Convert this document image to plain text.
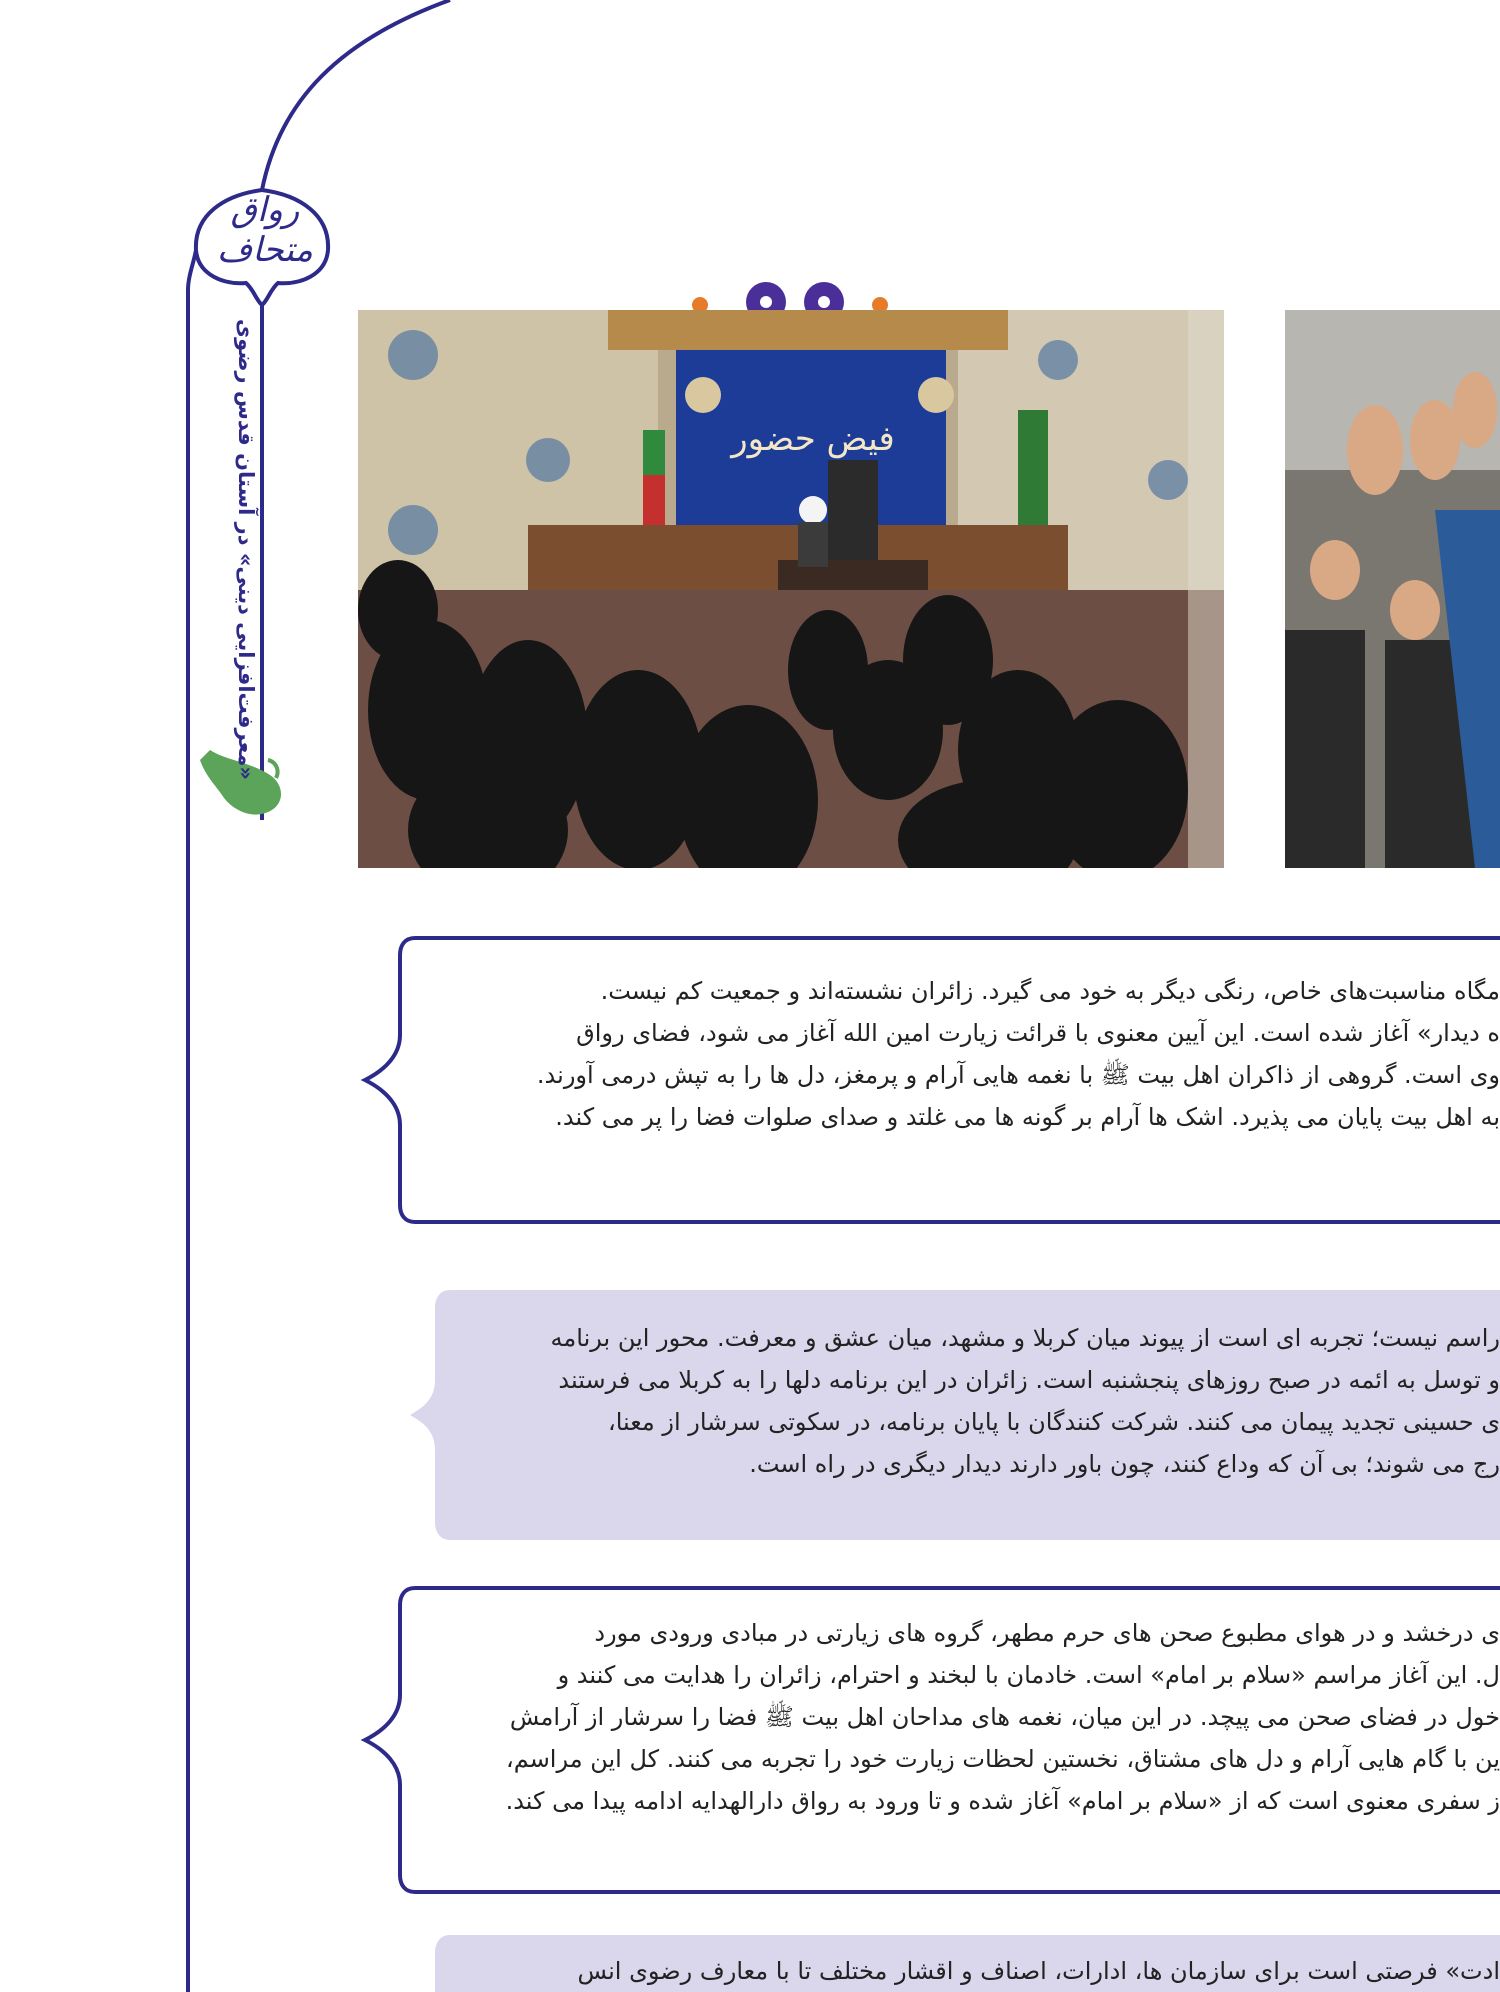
رواق متحاف
«معرفت‌افزایی دینی» در آستان قدس رضوی	فیض حضور

مگاه مناسبت‌های خاص، رنگی دیگر به خود می‌ گیرد. زائران نشسته‌اند و جمعیت کم نیست.

ه دیدار» آغاز شده است. این آیین معنوی با قرائت زیارت امین الله آغاز می‌ شود، فضای رواق

وی است. گروهی از ذاکران اهل بیت ﷺ با نغمه‌ هایی آرام و پرمغز، دل‌ ها را به تپش درمی‌ آورند.

به اهل بیت پایان می‌ پذیرد. اشک‌ ها آرام بر گونه‌ ها می‌ غلتد و صدای صلوات فضا را پر می‌ کند.

راسم نیست؛ تجربه‌ ای است از پیوند میان کربلا و مشهد، میان عشق و معرفت. محور این برنامه

و توسل به ائمه در صبح روزهای پنجشنبه است. زائران در این برنامه دلها را به کربلا می‌ فرستند

ی حسینی تجدید پیمان می‌ کنند. شرکت‌ کنندگان با پایان برنامه، در سکوتی سرشار از معنا،

رج می‌ شوند؛ بی آن که وداع کنند، چون باور دارند دیدار دیگری در راه است.

ی درخشد و در هوای مطبوع صحن‌ های حرم مطهر، گروه‌ های زیارتی در مبادی ورودی مورد

ل. این آغاز مراسم «سلام بر امام» است. خادمان با لبخند و احترام، زائران را هدایت می‌ کنند و

خول در فضای صحن می‌ پیچد. در این میان، نغمه‌ های مداحان اهل بیت ﷺ فضا را سرشار از آرامش

ین با گام‌ هایی آرام و دل‌ های مشتاق، نخستین لحظات زیارت خود را تجربه می‌ کنند. کل این مراسم،

ز سفری معنوی است که از «سلام بر امام» آغاز شده و تا ورود به رواق دارالهدایه ادامه پیدا می‌ کند.

ادت» فرصتی است برای سازمان‌ ها، ادارات، اصناف و اقشار مختلف تا با معارف رضوی انس
